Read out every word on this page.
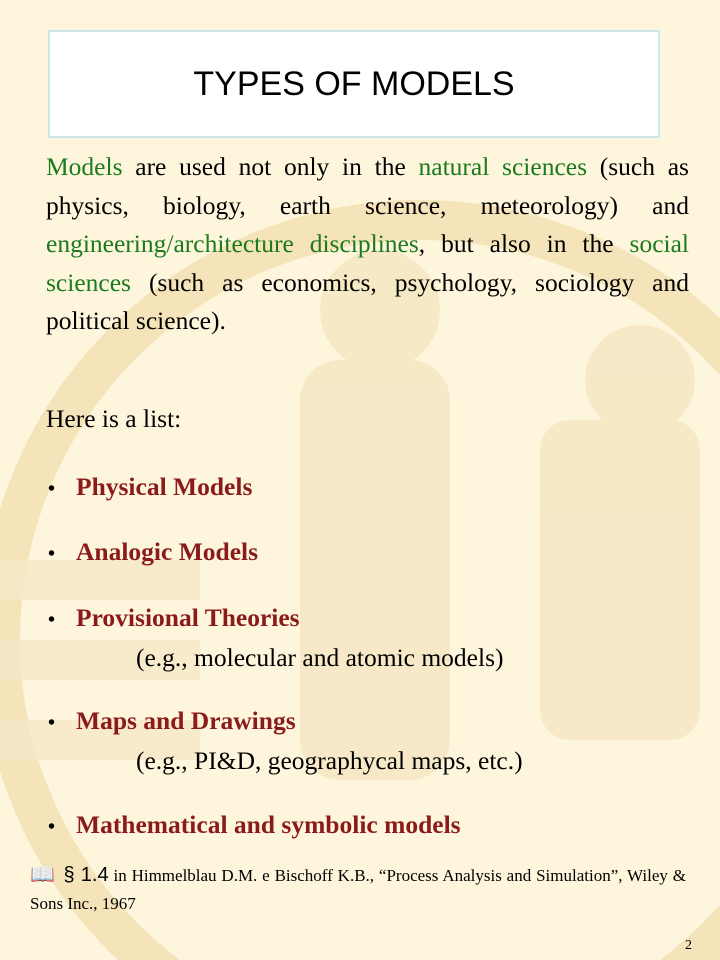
TYPES OF MODELS
Models are used not only in the natural sciences (such as physics, biology, earth science, meteorology) and engineering/architecture disciplines, but also in the social sciences (such as economics, psychology, sociology and political science).
Here is a list:
• Physical Models
• Analogic Models
• Provisional Theories
(e.g., molecular and atomic models)
• Maps and Drawings
(e.g., PI&D, geographycal maps, etc.)
• Mathematical and symbolic models
📖 § 1.4 in Himmelblau D.M. e Bischoff K.B., “Process Analysis and Simulation”, Wiley & Sons Inc., 1967
2
